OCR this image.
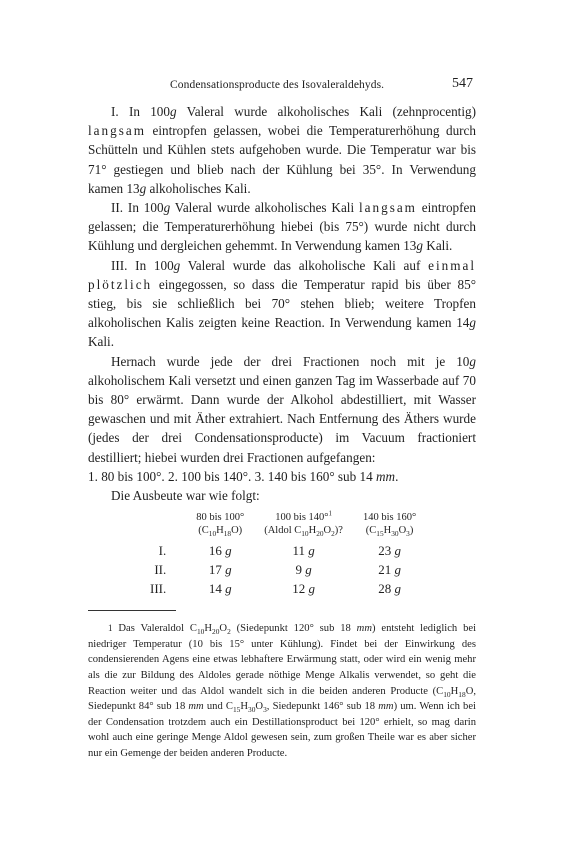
Condensationsproducte des Isovaleraldehyds.	547

I. In 100g Valeral wurde alkoholisches Kali (zehnprocentig) langsam eintropfen gelassen, wobei die Temperaturerhöhung durch Schütteln und Kühlen stets aufgehoben wurde. Die Temperatur war bis 71° gestiegen und blieb nach der Kühlung bei 35°. In Verwendung kamen 13g alkoholisches Kali.

II. In 100g Valeral wurde alkoholisches Kali langsam eintropfen gelassen; die Temperaturerhöhung hiebei (bis 75°) wurde nicht durch Kühlung und dergleichen gehemmt. In Verwendung kamen 13g Kali.

III. In 100g Valeral wurde das alkoholische Kali auf einmal plötzlich eingegossen, so dass die Temperatur rapid bis über 85° stieg, bis sie schließlich bei 70° stehen blieb; weitere Tropfen alkoholischen Kalis zeigten keine Reaction. In Verwendung kamen 14g Kali.

Hernach wurde jede der drei Fractionen noch mit je 10g alkoholischem Kali versetzt und einen ganzen Tag im Wasserbade auf 70 bis 80° erwärmt. Dann wurde der Alkohol abdestilliert, mit Wasser gewaschen und mit Äther extrahiert. Nach Entfernung des Äthers wurde (jedes der drei Condensationsproducte) im Vacuum fractioniert destilliert; hiebei wurden drei Fractionen aufgefangen:

1. 80 bis 100°. 2. 100 bis 140°. 3. 140 bis 160° sub 14 mm.

Die Ausbeute war wie folgt:

	80 bis 100°	100 bis 140°$^1$	140 bis 160°
	$(C_{10}H_{18}O)$	(Aldol $C_{10}H_{20}O_2$)?	$(C_{15}H_{30}O_3)$
I.	16 g	11 g	23 g
II.	17 g	9 g	21 g
III.	14 g	12 g	28 g

$^1$ Das Valeraldol $C_{10}H_{20}O_2$ (Siedepunkt 120° sub 18 mm) entsteht lediglich bei niedriger Temperatur (10 bis 15° unter Kühlung). Findet bei der Einwirkung des condensierenden Agens eine etwas lebhaftere Erwärmung statt, oder wird ein wenig mehr als die zur Bildung des Aldoles gerade nöthige Menge Alkalis verwendet, so geht die Reaction weiter und das Aldol wandelt sich in die beiden anderen Producte ($C_{10}H_{18}O$, Siedepunkt 84° sub 18 mm und $C_{15}H_{30}O_3$, Siedepunkt 146° sub 18 mm) um. Wenn ich bei der Condensation trotzdem auch ein Destillationsproduct bei 120° erhielt, so mag darin wohl auch eine geringe Menge Aldol gewesen sein, zum großen Theile war es aber sicher nur ein Gemenge der beiden anderen Producte.
